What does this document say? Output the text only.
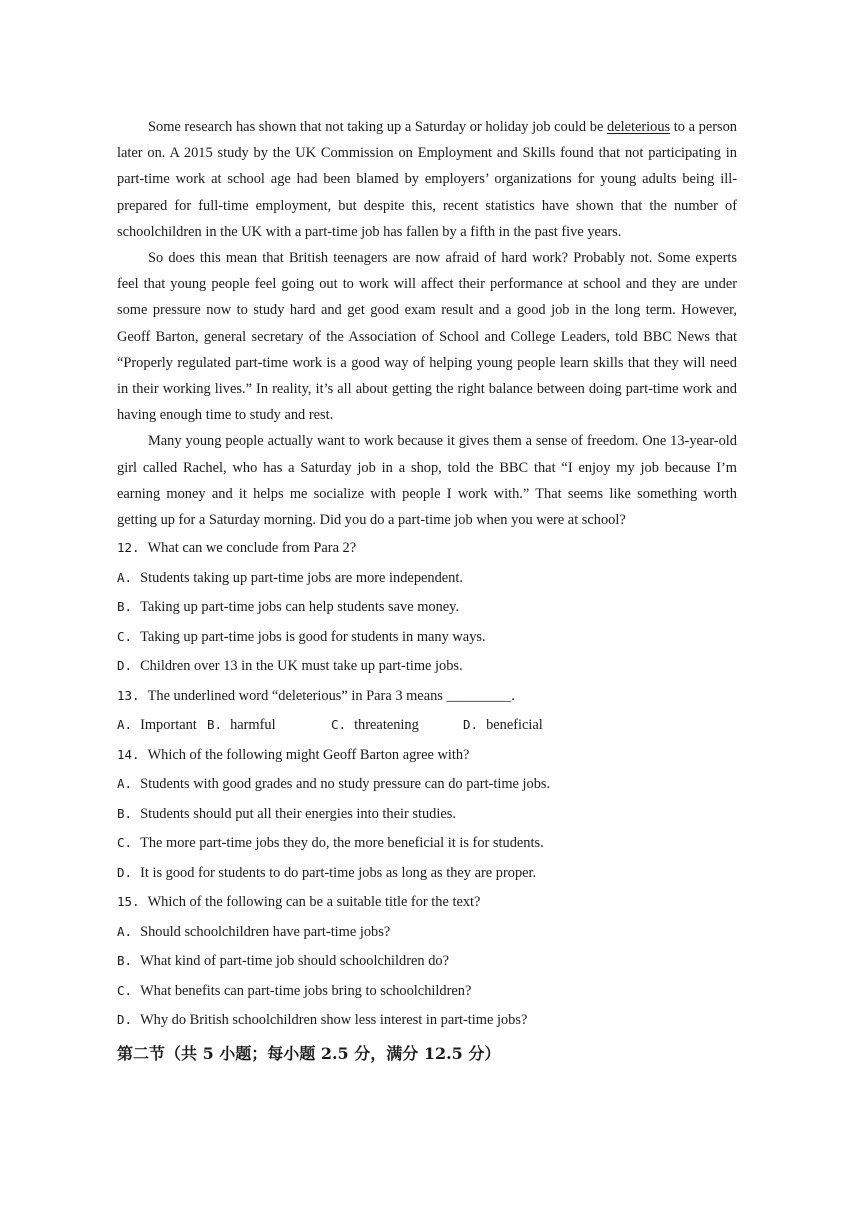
Some research has shown that not taking up a Saturday or holiday job could be deleterious to a person later on. A 2015 study by the UK Commission on Employment and Skills found that not participating in part-time work at school age had been blamed by employers’ organizations for young adults being ill-prepared for full-time employment, but despite this, recent statistics have shown that the number of schoolchildren in the UK with a part-time job has fallen by a fifth in the past five years.

So does this mean that British teenagers are now afraid of hard work? Probably not. Some experts feel that young people feel going out to work will affect their performance at school and they are under some pressure now to study hard and get good exam result and a good job in the long term. However, Geoff Barton, general secretary of the Association of School and College Leaders, told BBC News that “Properly regulated part-time work is a good way of helping young people learn skills that they will need in their working lives.” In reality, it’s all about getting the right balance between doing part-time work and having enough time to study and rest.

Many young people actually want to work because it gives them a sense of freedom. One 13-year-old girl called Rachel, who has a Saturday job in a shop, told the BBC that “I enjoy my job because I’m earning money and it helps me socialize with people I work with.” That seems like something worth getting up for a Saturday morning. Did you do a part-time job when you were at school?

12. What can we conclude from Para 2?
A. Students taking up part-time jobs are more independent.
B. Taking up part-time jobs can help students save money.
C. Taking up part-time jobs is good for students in many ways.
D. Children over 13 in the UK must take up part-time jobs.
13. The underlined word “deleterious” in Para 3 means _________.
A. Important B. harmful	C. threatening	D. beneficial
14. Which of the following might Geoff Barton agree with?
A. Students with good grades and no study pressure can do part-time jobs.
B. Students should put all their energies into their studies.
C. The more part-time jobs they do, the more beneficial it is for students.
D. It is good for students to do part-time jobs as long as they are proper.
15. Which of the following can be a suitable title for the text?
A. Should schoolchildren have part-time jobs?
B. What kind of part-time job should schoolchildren do?
C. What benefits can part-time jobs bring to schoolchildren?
D. Why do British schoolchildren show less interest in part-time jobs?
第二节（共 5 小题；每小题 2.5 分，满分 12.5 分）
